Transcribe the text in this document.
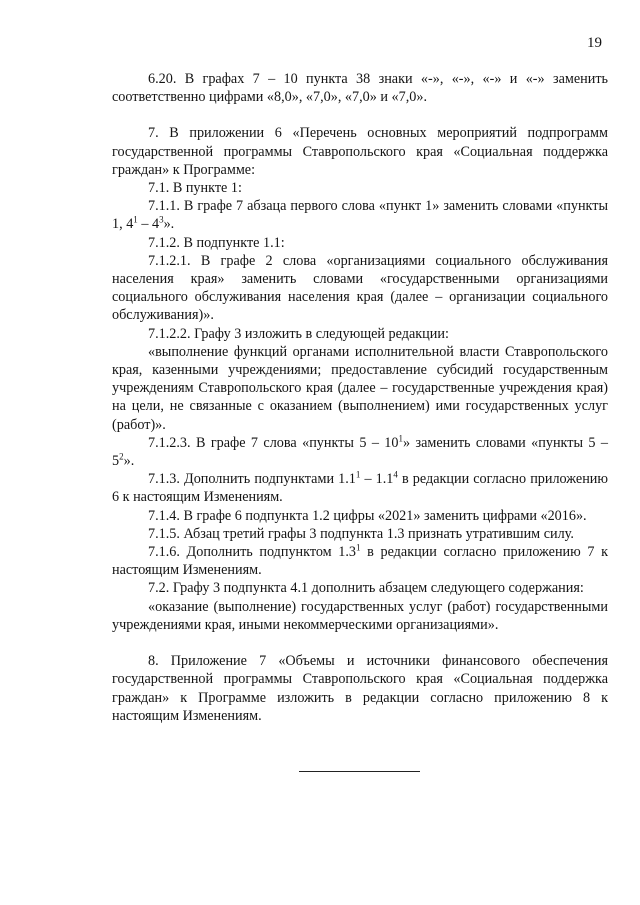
19

6.20. В графах 7 – 10 пункта 38 знаки «-», «-», «-» и «-» заменить соответственно цифрами «8,0», «7,0», «7,0» и «7,0».

7. В приложении 6 «Перечень основных мероприятий подпрограмм государственной программы Ставропольского края «Социальная поддержка граждан» к Программе:

7.1. В пункте 1:

7.1.1. В графе 7 абзаца первого слова «пункт 1» заменить словами «пункты 1, $4^1 - 4^3$».

7.1.2. В подпункте 1.1:

7.1.2.1. В графе 2 слова «организациями социального обслуживания населения края» заменить словами «государственными организациями социального обслуживания населения края (далее – организации социального обслуживания)».

7.1.2.2. Графу 3 изложить в следующей редакции:

«выполнение функций органами исполнительной власти Ставропольского края, казенными учреждениями; предоставление субсидий государственным учреждениям Ставропольского края (далее – государственные учреждения края) на цели, не связанные с оказанием (выполнением) ими государственных услуг (работ)».

7.1.2.3. В графе 7 слова «пункты $5 - 10^1$» заменить словами «пункты $5 - 5^2$».

7.1.3. Дополнить подпунктами $1.1^1 - 1.1^4$ в редакции согласно приложению 6 к настоящим Изменениям.

7.1.4. В графе 6 подпункта 1.2 цифры «2021» заменить цифрами «2016».

7.1.5. Абзац третий графы 3 подпункта 1.3 признать утратившим силу.

7.1.6. Дополнить подпунктом $1.3^1$ в редакции согласно приложению 7 к настоящим Изменениям.

7.2. Графу 3 подпункта 4.1 дополнить абзацем следующего содержания:

«оказание (выполнение) государственных услуг (работ) государственными учреждениями края, иными некоммерческими организациями».

8. Приложение 7 «Объемы и источники финансового обеспечения государственной программы Ставропольского края «Социальная поддержка граждан» к Программе изложить в редакции согласно приложению 8 к настоящим Изменениям.
